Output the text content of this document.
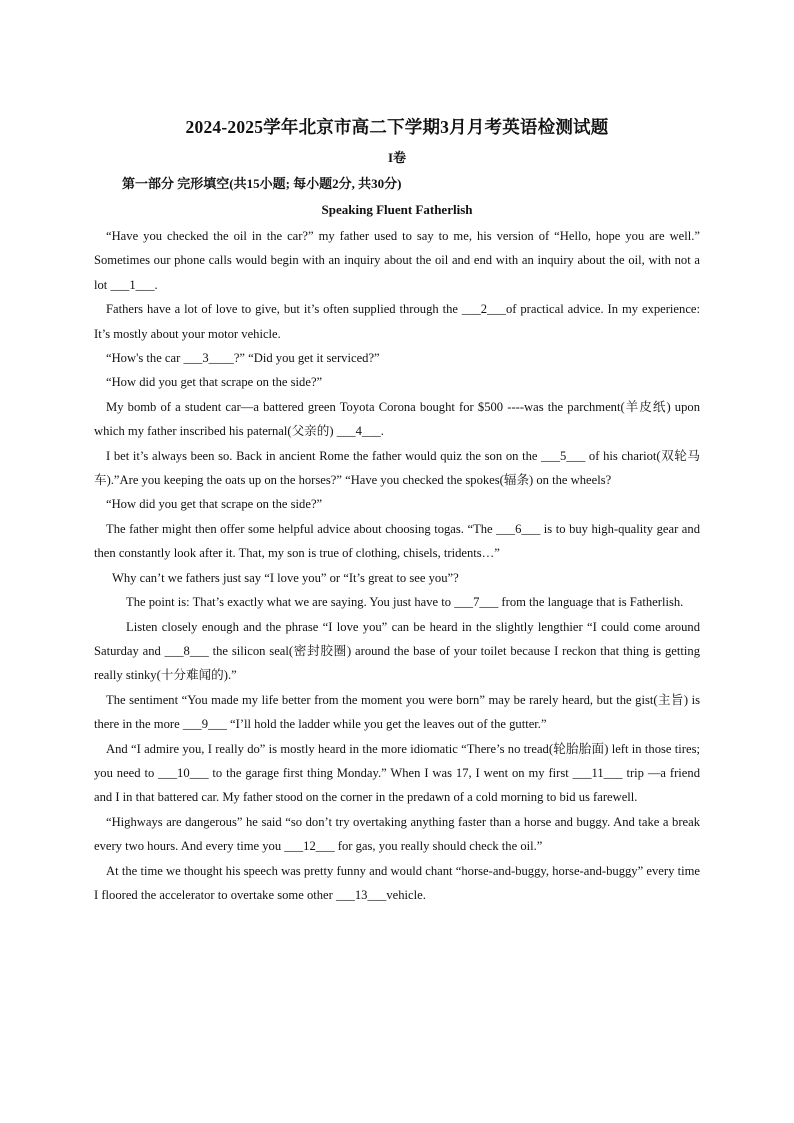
2024-2025学年北京市高二下学期3月月考英语检测试题
I卷
第一部分 完形填空(共15小题; 每小题2分, 共30分)
Speaking Fluent Fatherlish

“Have you checked the oil in the car?” my father used to say to me, his version of “Hello, hope you are well.” Sometimes our phone calls would begin with an inquiry about the oil and end with an inquiry about the oil, with not a lot ___1___.

Fathers have a lot of love to give, but it’s often supplied through the ___2___of practical advice. In my experience: It’s mostly about your motor vehicle.

“How's the car ___3____?” “Did you get it serviced?”

“How did you get that scrape on the side?”

My bomb of a student car—a battered green Toyota Corona bought for $500 ----was the parchment(羊皮纸) upon which my father inscribed his paternal(父亲的) ___4___.

I bet it’s always been so. Back in ancient Rome the father would quiz the son on the ___5___ of his chariot(双轮马车).”Are you keeping the oats up on the horses?” “Have you checked the spokes(辐条) on the wheels?

“How did you get that scrape on the side?”

The father might then offer some helpful advice about choosing togas. “The ___6___ is to buy high-quality gear and then constantly look after it. That, my son is true of clothing, chisels, tridents…”

Why can’t we fathers just say “I love you” or “It’s great to see you”?

The point is: That’s exactly what we are saying. You just have to ___7___ from the language that is Fatherlish.

Listen closely enough and the phrase “I love you” can be heard in the slightly lengthier “I could come around Saturday and ___8___ the silicon seal(密封胶圈) around the base of your toilet because I reckon that thing is getting really stinky(十分难闻的).”

The sentiment “You made my life better from the moment you were born” may be rarely heard, but the gist(主旨) is there in the more ___9___ “I’ll hold the ladder while you get the leaves out of the gutter.”

And “I admire you, I really do” is mostly heard in the more idiomatic “There’s no tread(轮胎胎面) left in those tires; you need to ___10___ to the garage first thing Monday.” When I was 17, I went on my first ___11___ trip —a friend and I in that battered car. My father stood on the corner in the predawn of a cold morning to bid us farewell.

“Highways are dangerous” he said “so don’t try overtaking anything faster than a horse and buggy. And take a break every two hours. And every time you ___12___ for gas, you really should check the oil.”

At the time we thought his speech was pretty funny and would chant “horse-and-buggy, horse-and-buggy” every time I floored the accelerator to overtake some other ___13___vehicle.
